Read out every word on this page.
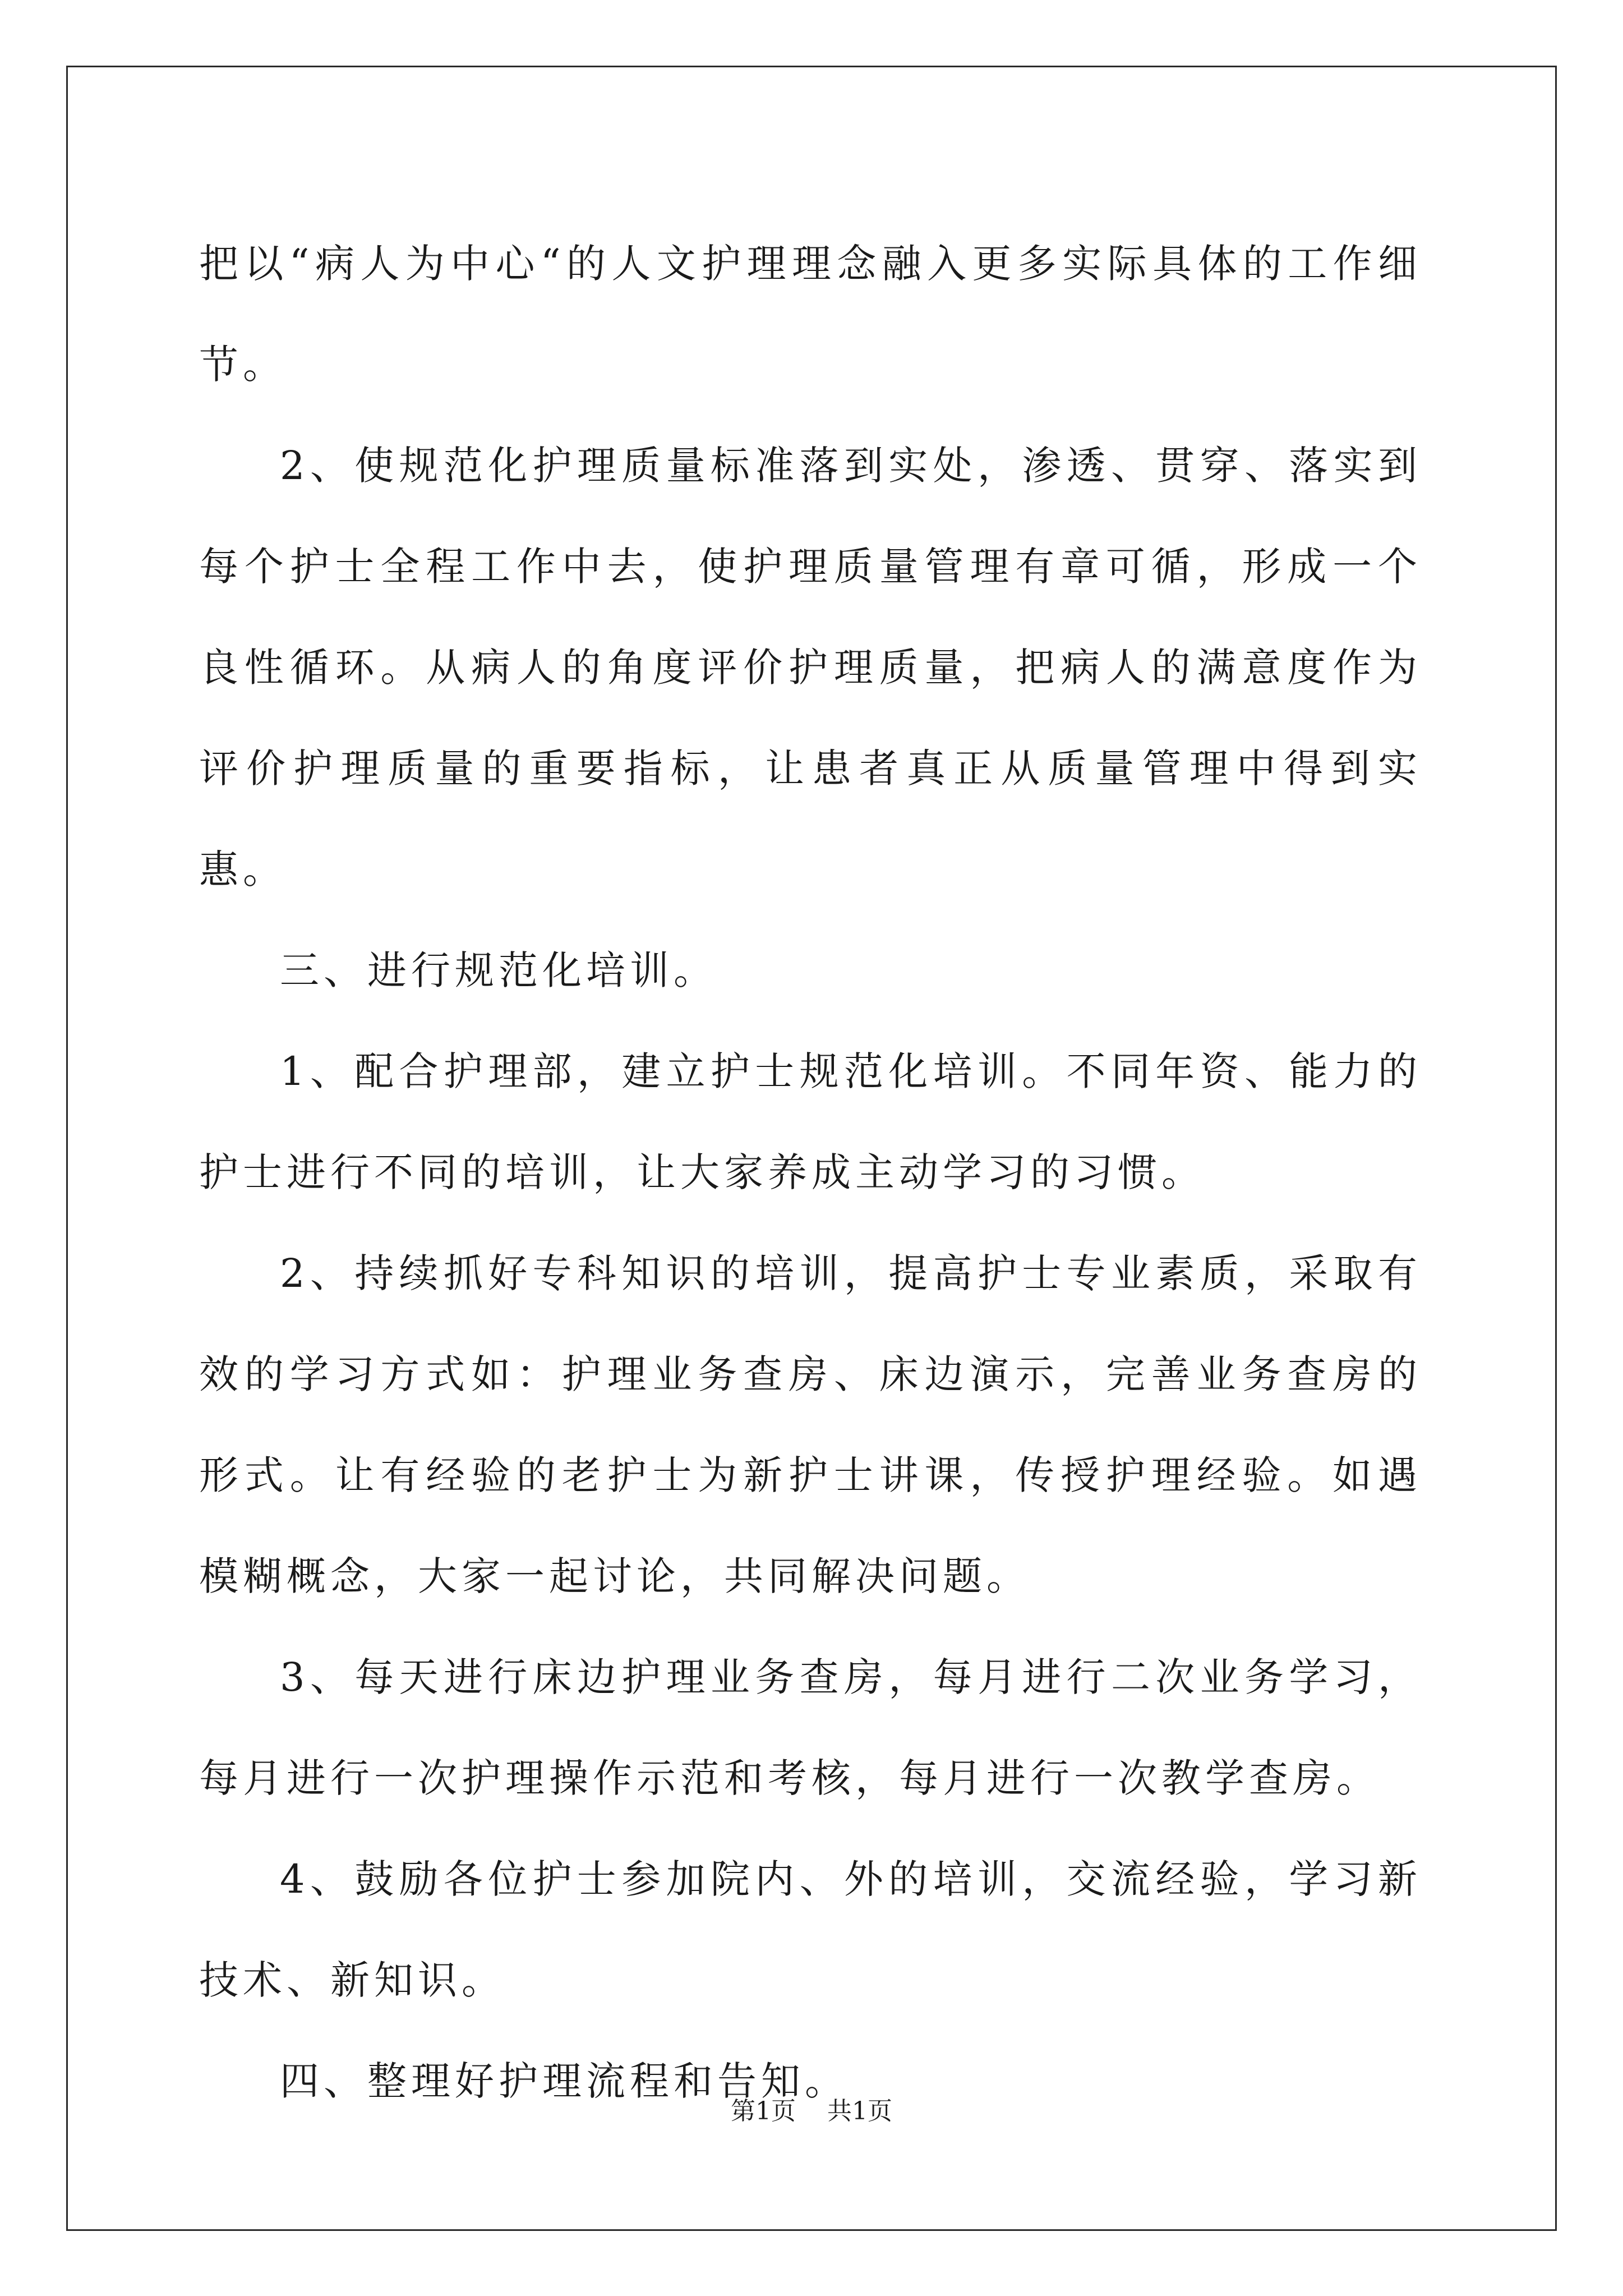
把以“病人为中心“的人文护理理念融入更多实际具体的工作细节。

2、使规范化护理质量标准落到实处，渗透、贯穿、落实到每个护士全程工作中去，使护理质量管理有章可循，形成一个良性循环。从病人的角度评价护理质量，把病人的满意度作为评价护理质量的重要指标，让患者真正从质量管理中得到实惠。

三、进行规范化培训。

1、配合护理部，建立护士规范化培训。不同年资、能力的护士进行不同的培训，让大家养成主动学习的习惯。

2、持续抓好专科知识的培训，提高护士专业素质，采取有效的学习方式如：护理业务查房、床边演示，完善业务查房的形式。让有经验的老护士为新护士讲课，传授护理经验。如遇模糊概念，大家一起讨论，共同解决问题。

3、每天进行床边护理业务查房，每月进行二次业务学习，每月进行一次护理操作示范和考核，每月进行一次教学查房。

4、鼓励各位护士参加院内、外的培训，交流经验，学习新技术、新知识。

四、整理好护理流程和告知。

第1页 共1页
